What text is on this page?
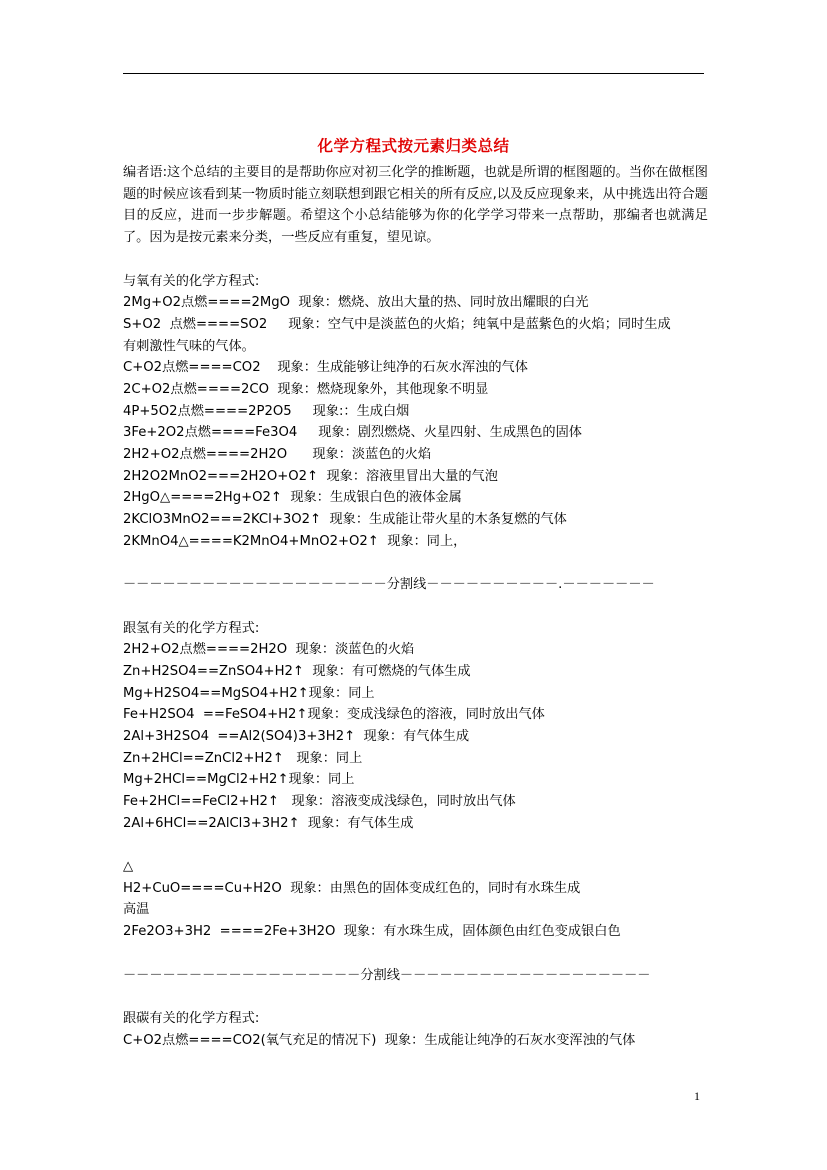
化学方程式按元素归类总结
编者语:这个总结的主要目的是帮助你应对初三化学的推断题，也就是所谓的框图题的。当你在做框图题的时候应该看到某一物质时能立刻联想到跟它相关的所有反应,以及反应现象来，从中挑选出符合题目的反应，进而一步步解题。希望这个小总结能够为你的化学学习带来一点帮助，那编者也就满足了。因为是按元素来分类，一些反应有重复，望见谅。
与氧有关的化学方程式:
2Mg+O2点燃====2MgO  现象：燃烧、放出大量的热、同时放出耀眼的白光
S+O2  点燃====SO2     现象：空气中是淡蓝色的火焰；纯氧中是蓝紫色的火焰；同时生成
有刺激性气味的气体。
C+O2点燃====CO2    现象：生成能够让纯净的石灰水浑浊的气体
2C+O2点燃====2CO  现象：燃烧现象外，其他现象不明显
4P+5O2点燃====2P2O5     现象:：生成白烟
3Fe+2O2点燃====Fe3O4     现象：剧烈燃烧、火星四射、生成黑色的固体
2H2+O2点燃====2H2O      现象：淡蓝色的火焰
2H2O2MnO2===2H2O+O2↑  现象：溶液里冒出大量的气泡
2HgO△====2Hg+O2↑  现象：生成银白色的液体金属
2KClO3MnO2===2KCl+3O2↑  现象：生成能让带火星的木条复燃的气体
2KMnO4△====K2MnO4+MnO2+O2↑  现象：同上，
－－－－－－－－－－－－－－－－－－－－分割线－－－－－－－－－－.－－－－－－－
跟氢有关的化学方程式:
2H2+O2点燃====2H2O  现象：淡蓝色的火焰
Zn+H2SO4==ZnSO4+H2↑  现象：有可燃烧的气体生成
Mg+H2SO4==MgSO4+H2↑现象：同上
Fe+H2SO4  ==FeSO4+H2↑现象：变成浅绿色的溶液，同时放出气体
2Al+3H2SO4  ==Al2(SO4)3+3H2↑  现象：有气体生成
Zn+2HCl==ZnCl2+H2↑   现象：同上
Mg+2HCl==MgCl2+H2↑现象：同上
Fe+2HCl==FeCl2+H2↑   现象：溶液变成浅绿色，同时放出气体
2Al+6HCl==2AlCl3+3H2↑  现象：有气体生成
△
H2+CuO====Cu+H2O  现象：由黑色的固体变成红色的，同时有水珠生成
高温
2Fe2O3+3H2  ====2Fe+3H2O  现象：有水珠生成，固体颜色由红色变成银白色
－－－－－－－－－－－－－－－－－－分割线－－－－－－－－－－－－－－－－－－－
跟碳有关的化学方程式:
C+O2点燃====CO2(氧气充足的情况下)  现象：生成能让纯净的石灰水变浑浊的气体
1
